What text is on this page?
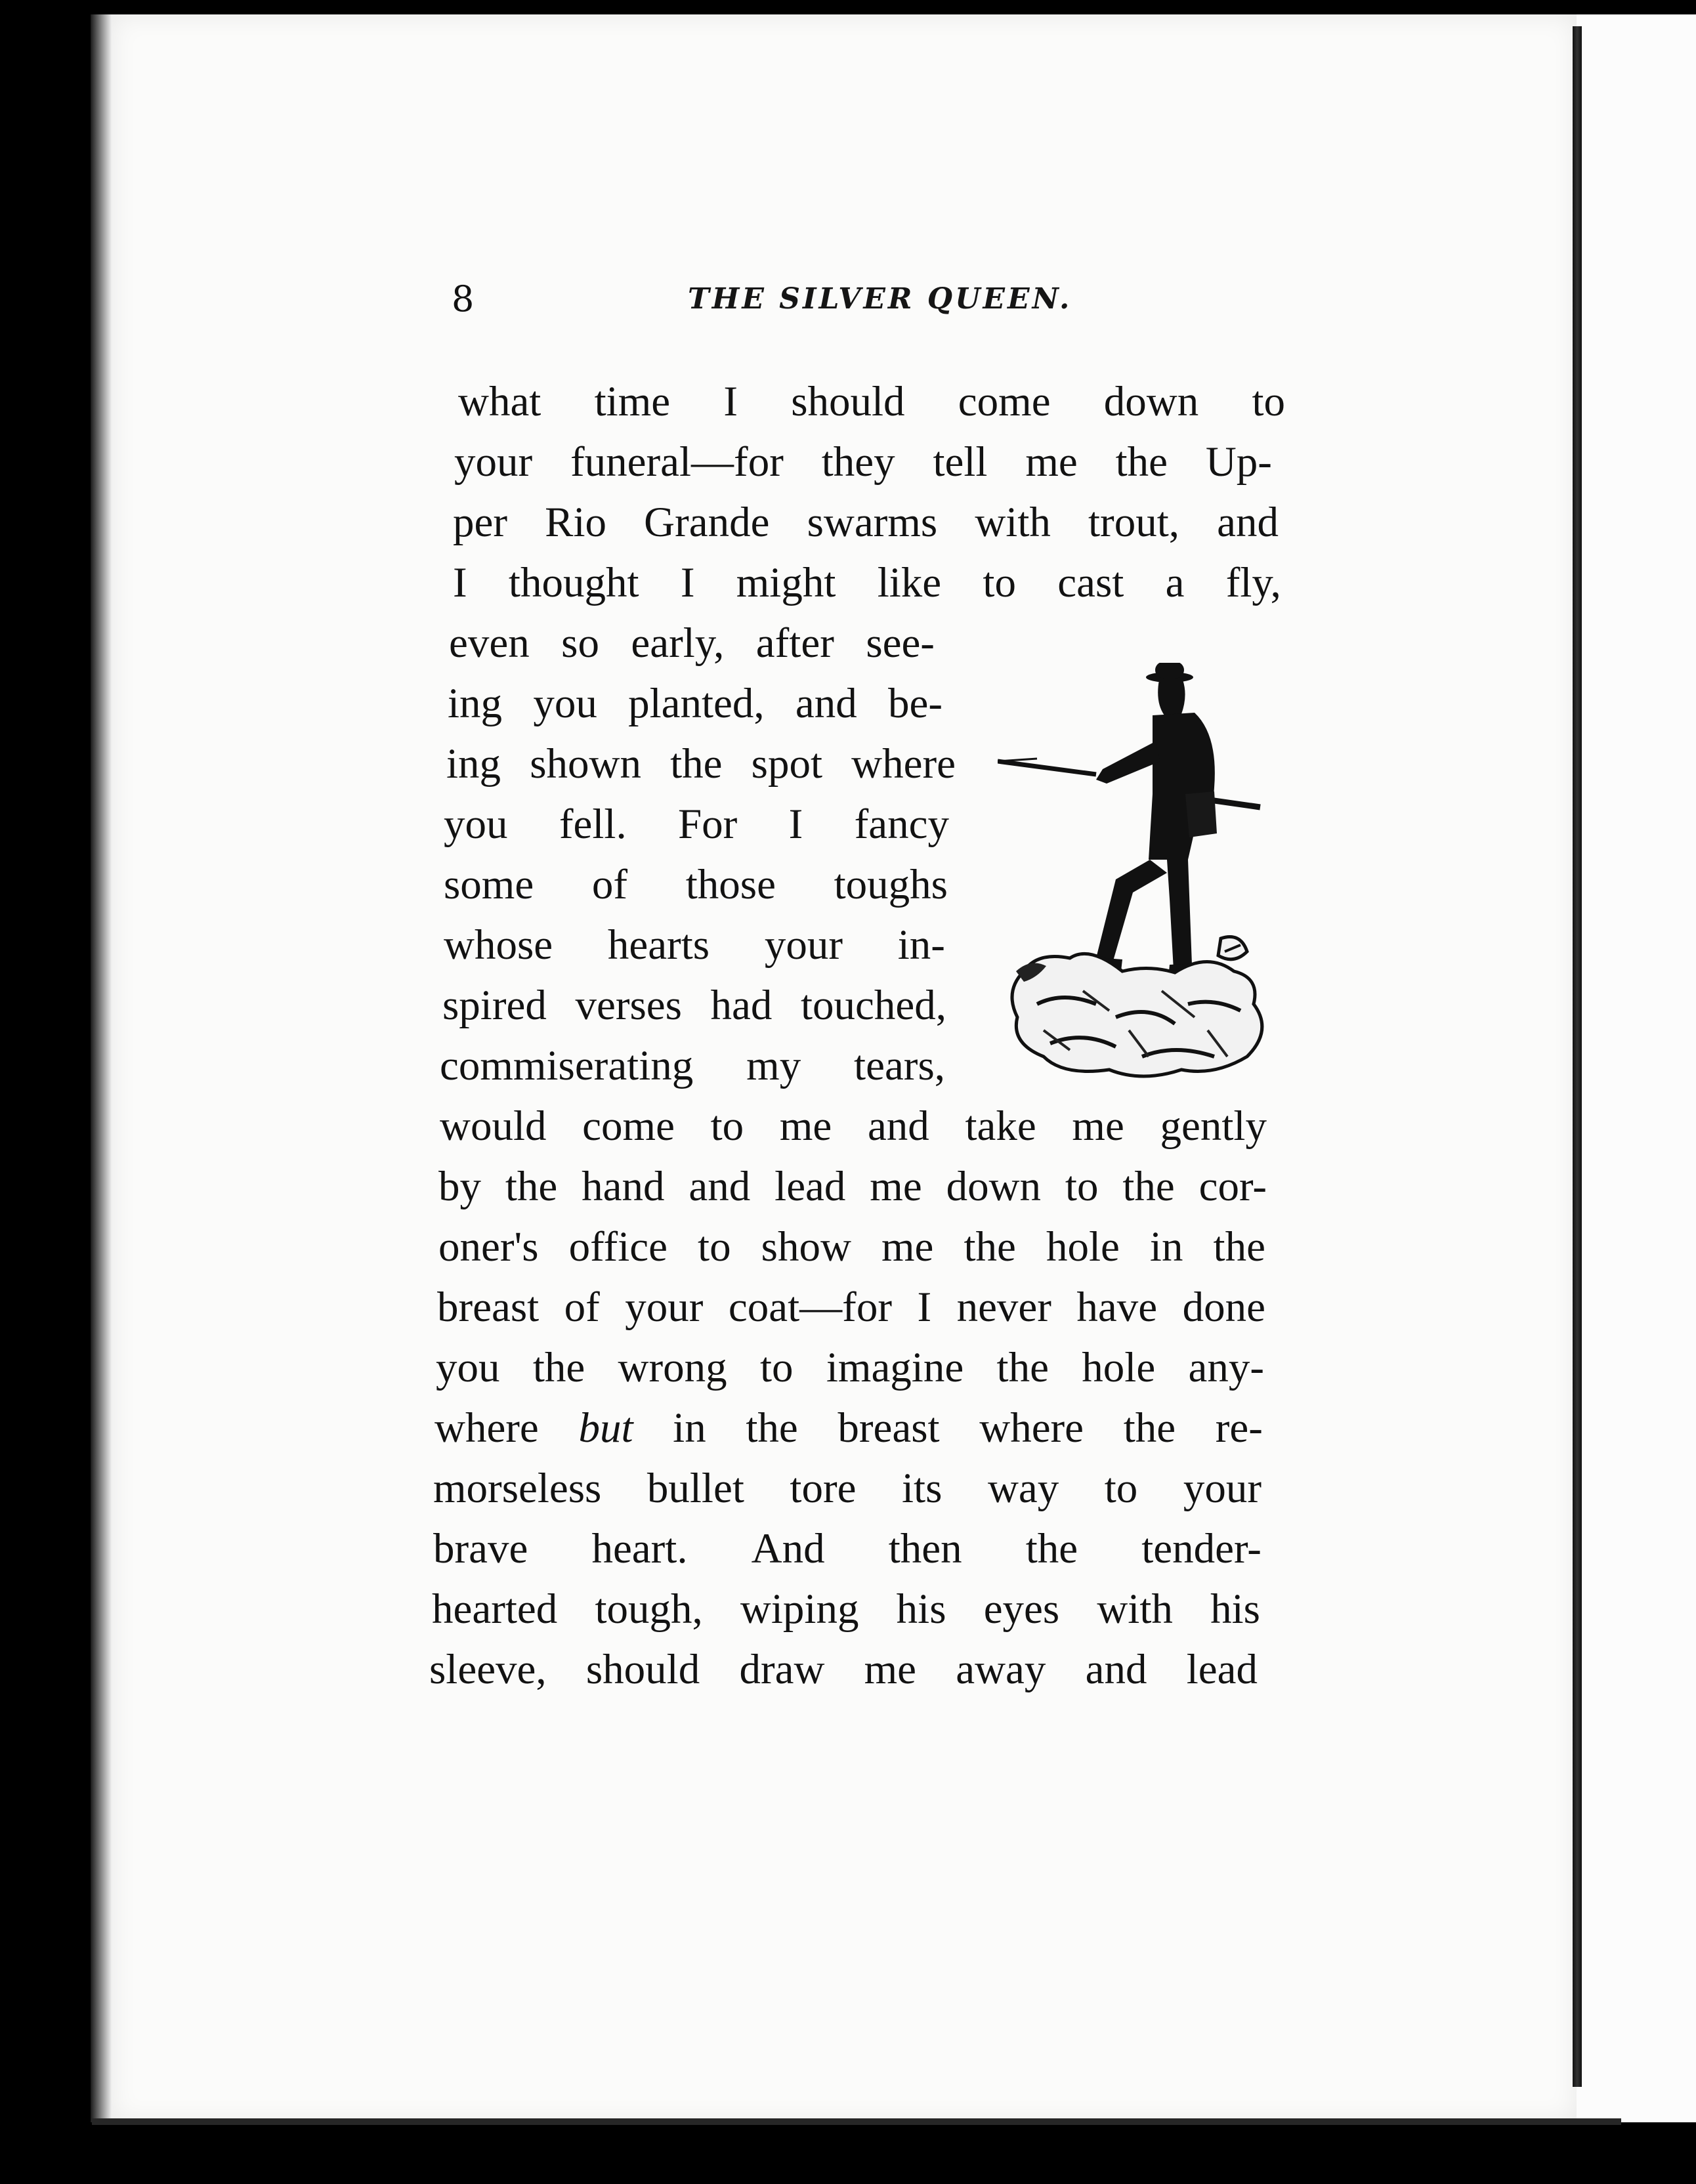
8	THE SILVER QUEEN.
what time I should come down to
your funeral—for they tell me the Up-
per Rio Grande swarms with trout, and
I thought I might like to cast a fly,
even so early, after see-
ing you planted, and be-
ing shown the spot where
you fell. For I fancy
some of those toughs
whose hearts your in-
spired verses had touched,
commiserating my tears,
would come to me and take me gently
by the hand and lead me down to the cor-
oner's office to show me the hole in the
breast of your coat—for I never have done
you the wrong to imagine the hole any-
where but in the breast where the re-
morseless bullet tore its way to your
brave heart. And then the tender-
hearted tough, wiping his eyes with his
sleeve, should draw me away and lead
